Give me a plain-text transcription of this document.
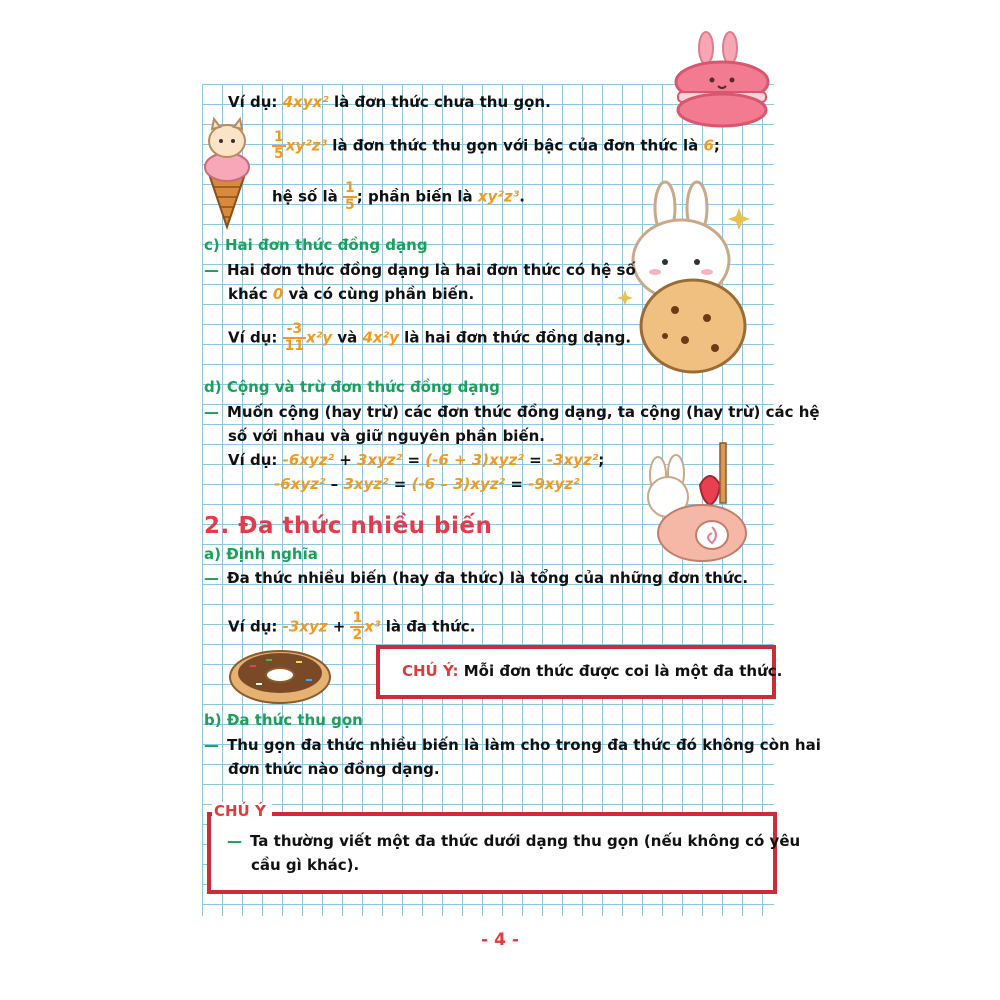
Ví dụ: 4xyx² là đơn thức chưa thu gọn.
$\frac{1}{5} xy^2z^3$ là đơn thức thu gọn với bậc của đơn thức là 6;
hệ số là $\frac{1}{5}$ ; phần biến là xy²z³.
c) Hai đơn thức đồng dạng
— Hai đơn thức đồng dạng là hai đơn thức có hệ số
khác 0 và có cùng phần biến.
Ví dụ: $\frac{-3}{11} x^2y$ và 4x²y là hai đơn thức đồng dạng.
d) Cộng và trừ đơn thức đồng dạng
— Muốn cộng (hay trừ) các đơn thức đồng dạng, ta cộng (hay trừ) các hệ
số với nhau và giữ nguyên phần biến.
Ví dụ: -6xyz² + 3xyz² = (-6 + 3)xyz² = -3xyz²;
-6xyz² – 3xyz² = (-6 – 3)xyz² = -9xyz²
2. Đa thức nhiều biến
a) Định nghĩa
— Đa thức nhiều biến (hay đa thức) là tổng của những đơn thức.
Ví dụ: $-3xyz + \frac{1}{2} x^3$ là đa thức.
CHÚ Ý: Mỗi đơn thức được coi là một đa thức.
b) Đa thức thu gọn
— Thu gọn đa thức nhiều biến là làm cho trong đa thức đó không còn hai
đơn thức nào đồng dạng.
— Ta thường viết một đa thức dưới dạng thu gọn (nếu không có yêu
cầu gì khác).
CHÚ Ý
- 4 -
